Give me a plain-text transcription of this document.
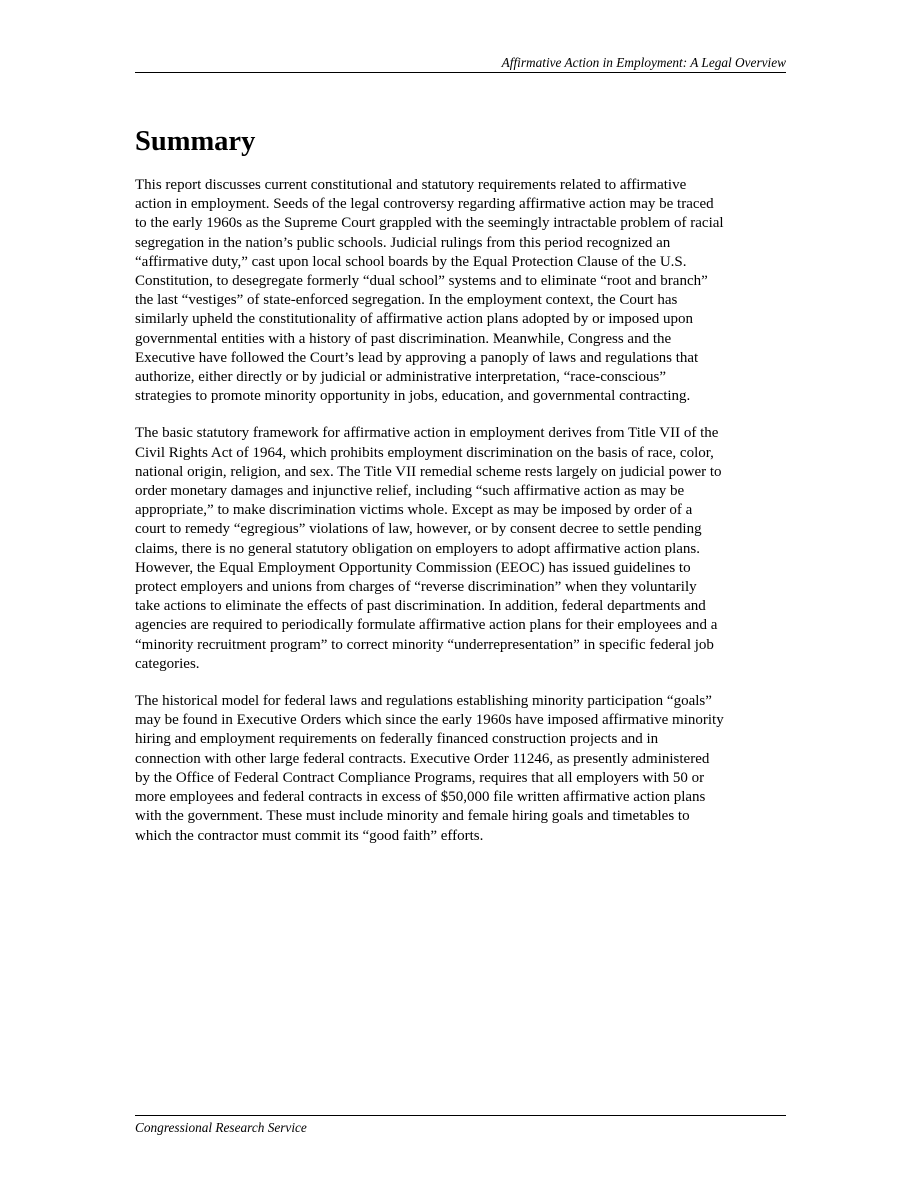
Affirmative Action in Employment: A Legal Overview
Summary

This report discusses current constitutional and statutory requirements related to affirmative
action in employment. Seeds of the legal controversy regarding affirmative action may be traced
to the early 1960s as the Supreme Court grappled with the seemingly intractable problem of racial
segregation in the nation’s public schools. Judicial rulings from this period recognized an
“affirmative duty,” cast upon local school boards by the Equal Protection Clause of the U.S.
Constitution, to desegregate formerly “dual school” systems and to eliminate “root and branch”
the last “vestiges” of state-enforced segregation. In the employment context, the Court has
similarly upheld the constitutionality of affirmative action plans adopted by or imposed upon
governmental entities with a history of past discrimination. Meanwhile, Congress and the
Executive have followed the Court’s lead by approving a panoply of laws and regulations that
authorize, either directly or by judicial or administrative interpretation, “race-conscious”
strategies to promote minority opportunity in jobs, education, and governmental contracting.

The basic statutory framework for affirmative action in employment derives from Title VII of the
Civil Rights Act of 1964, which prohibits employment discrimination on the basis of race, color,
national origin, religion, and sex. The Title VII remedial scheme rests largely on judicial power to
order monetary damages and injunctive relief, including “such affirmative action as may be
appropriate,” to make discrimination victims whole. Except as may be imposed by order of a
court to remedy “egregious” violations of law, however, or by consent decree to settle pending
claims, there is no general statutory obligation on employers to adopt affirmative action plans.
However, the Equal Employment Opportunity Commission (EEOC) has issued guidelines to
protect employers and unions from charges of “reverse discrimination” when they voluntarily
take actions to eliminate the effects of past discrimination. In addition, federal departments and
agencies are required to periodically formulate affirmative action plans for their employees and a
“minority recruitment program” to correct minority “underrepresentation” in specific federal job
categories.

The historical model for federal laws and regulations establishing minority participation “goals”
may be found in Executive Orders which since the early 1960s have imposed affirmative minority
hiring and employment requirements on federally financed construction projects and in
connection with other large federal contracts. Executive Order 11246, as presently administered
by the Office of Federal Contract Compliance Programs, requires that all employers with 50 or
more employees and federal contracts in excess of $50,000 file written affirmative action plans
with the government. These must include minority and female hiring goals and timetables to
which the contractor must commit its “good faith” efforts.

Congressional Research Service
